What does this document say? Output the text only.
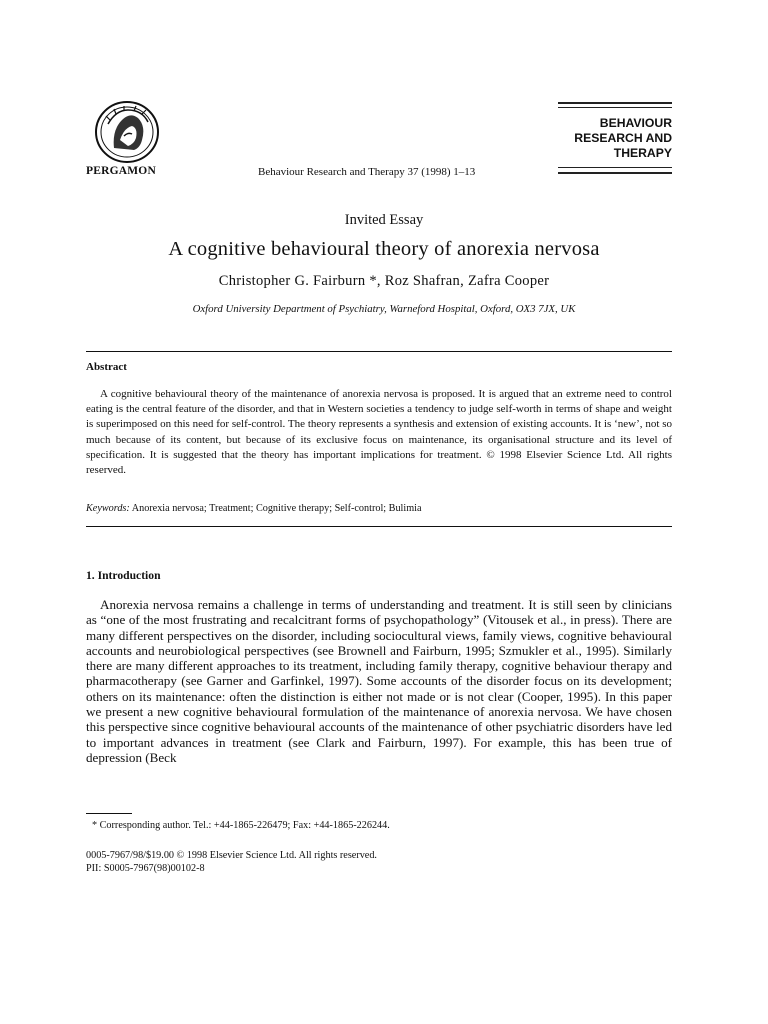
PERGAMON	Behaviour Research and Therapy 37 (1998) 1–13
BEHAVIOUR
RESEARCH AND
THERAPY
Invited Essay
A cognitive behavioural theory of anorexia nervosa
Christopher G. Fairburn *, Roz Shafran, Zafra Cooper
Oxford University Department of Psychiatry, Warneford Hospital, Oxford, OX3 7JX, UK
Abstract

A cognitive behavioural theory of the maintenance of anorexia nervosa is proposed. It is argued that an extreme need to control eating is the central feature of the disorder, and that in Western societies a tendency to judge self-worth in terms of shape and weight is superimposed on this need for self-control. The theory represents a synthesis and extension of existing accounts. It is ‘new’, not so much because of its content, but because of its exclusive focus on maintenance, its organisational structure and its level of specification. It is suggested that the theory has important implications for treatment. © 1998 Elsevier Science Ltd. All rights reserved.

Keywords: Anorexia nervosa; Treatment; Cognitive therapy; Self-control; Bulimia
1. Introduction

Anorexia nervosa remains a challenge in terms of understanding and treatment. It is still seen by clinicians as “one of the most frustrating and recalcitrant forms of psychopathology” (Vitousek et al., in press). There are many different perspectives on the disorder, including sociocultural views, family views, cognitive behavioural accounts and neurobiological perspectives (see Brownell and Fairburn, 1995; Szmukler et al., 1995). Similarly there are many different approaches to its treatment, including family therapy, cognitive behaviour therapy and pharmacotherapy (see Garner and Garfinkel, 1997). Some accounts of the disorder focus on its development; others on its maintenance: often the distinction is either not made or is not clear (Cooper, 1995). In this paper we present a new cognitive behavioural formulation of the maintenance of anorexia nervosa. We have chosen this perspective since cognitive behavioural accounts of the maintenance of other psychiatric disorders have led to important advances in treatment (see Clark and Fairburn, 1997). For example, this has been true of depression (Beck

* Corresponding author. Tel.: +44-1865-226479; Fax: +44-1865-226244.
0005-7967/98/$19.00 © 1998 Elsevier Science Ltd. All rights reserved.
PII: S0005-7967(98)00102-8
